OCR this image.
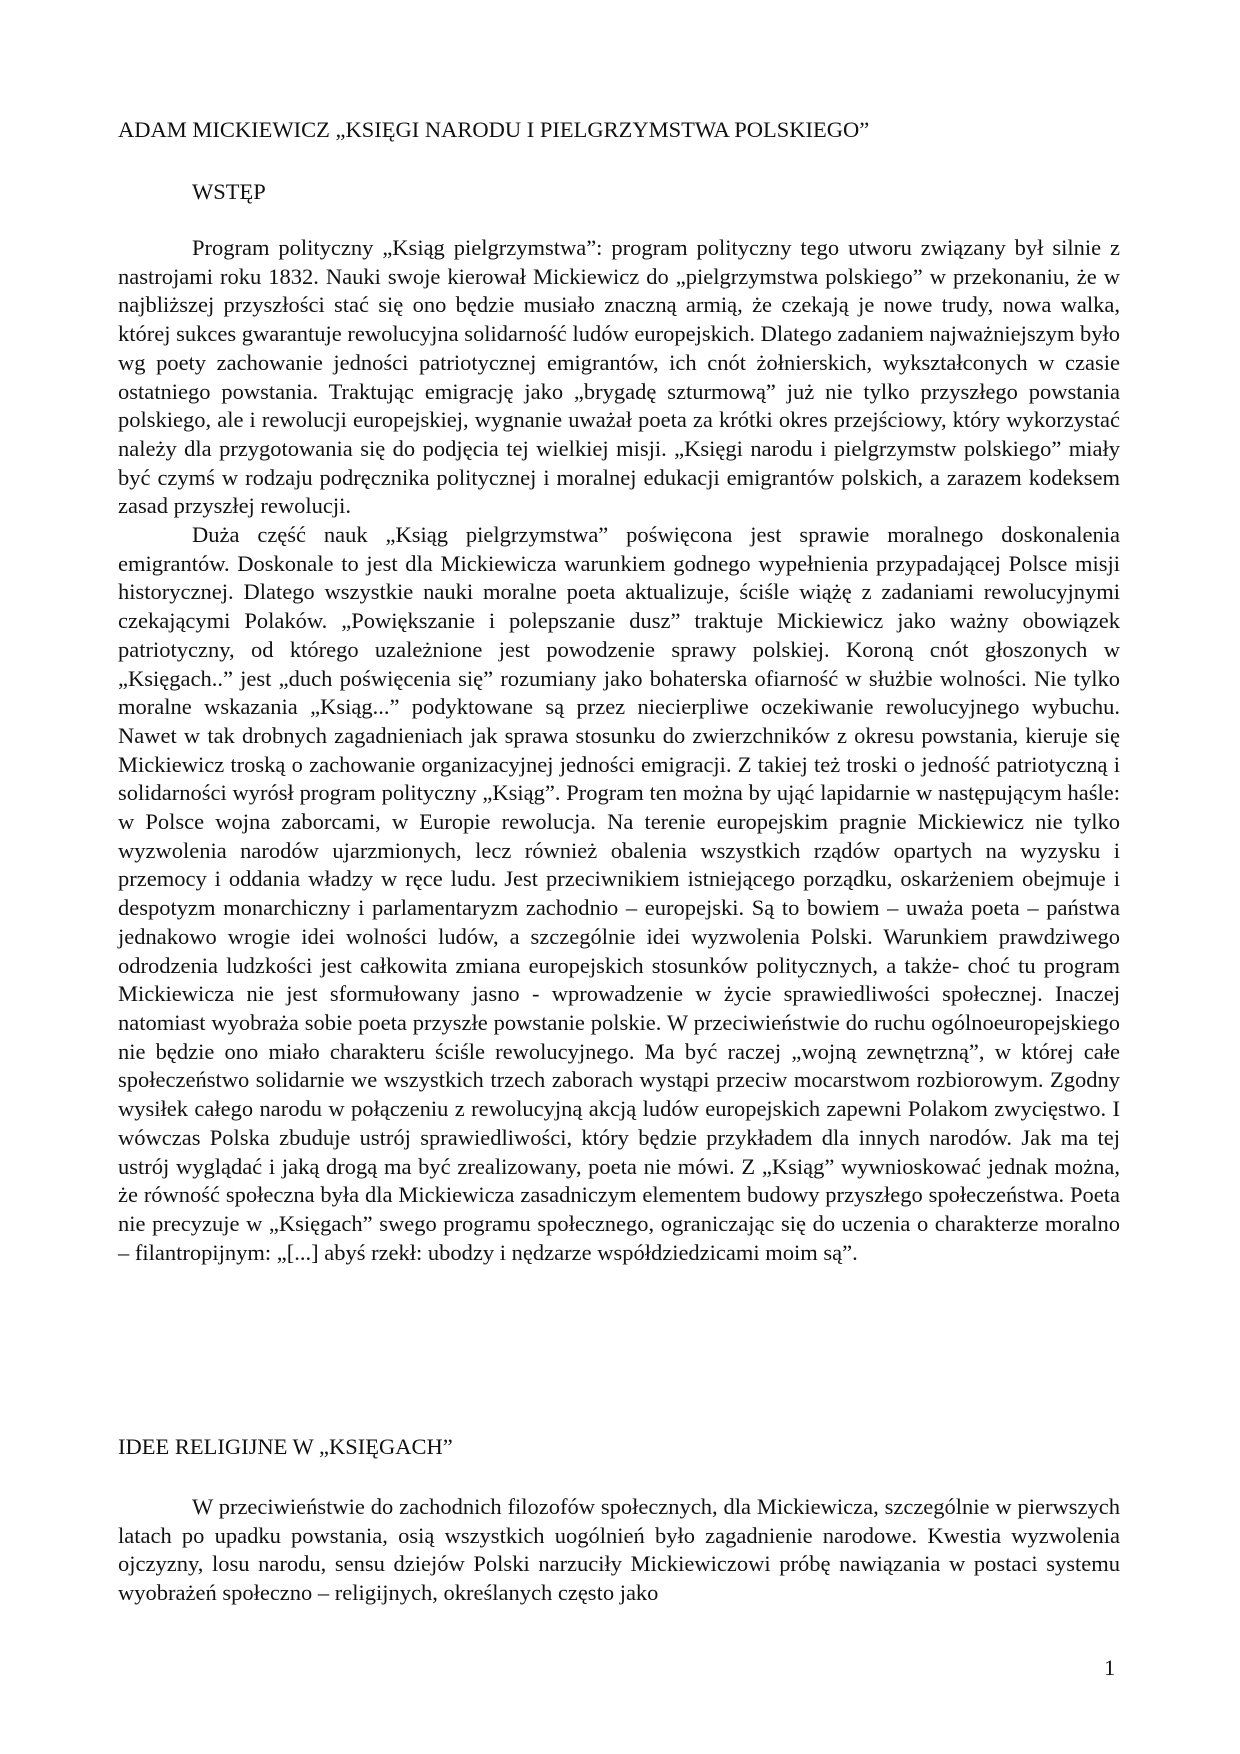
ADAM MICKIEWICZ „KSIĘGI NARODU I PIELGRZYMSTWA POLSKIEGO”
WSTĘP

Program polityczny „Ksiąg pielgrzymstwa”: program polityczny tego utworu związany był silnie z nastrojami roku 1832. Nauki swoje kierował Mickiewicz do „pielgrzymstwa polskiego” w przekonaniu, że w najbliższej przyszłości stać się ono będzie musiało znaczną armią, że czekają je nowe trudy, nowa walka, której sukces gwarantuje rewolucyjna solidarność ludów europejskich. Dlatego zadaniem najważniejszym było wg poety zachowanie jedności patriotycznej emigrantów, ich cnót żołnierskich, wykształconych w czasie ostatniego powstania. Traktując emigrację jako „brygadę szturmową” już nie tylko przyszłego powstania polskiego, ale i rewolucji europejskiej, wygnanie uważał poeta za krótki okres przejściowy, który wykorzystać należy dla przygotowania się do podjęcia tej wielkiej misji. „Księgi narodu i pielgrzymstw polskiego” miały być czymś w rodzaju podręcznika politycznej i moralnej edukacji emigrantów polskich, a zarazem kodeksem zasad przyszłej rewolucji.

Duża część nauk „Ksiąg pielgrzymstwa” poświęcona jest sprawie moralnego doskonalenia emigrantów. Doskonale to jest dla Mickiewicza warunkiem godnego wypełnienia przypadającej Polsce misji historycznej. Dlatego wszystkie nauki moralne poeta aktualizuje, ściśle wiążę z zadaniami rewolucyjnymi czekającymi Polaków. „Powiększanie i polepszanie dusz” traktuje Mickiewicz jako ważny obowiązek patriotyczny, od którego uzależnione jest powodzenie sprawy polskiej. Koroną cnót głoszonych w „Księgach..” jest „duch poświęcenia się” rozumiany jako bohaterska ofiarność w służbie wolności. Nie tylko moralne wskazania „Ksiąg...” podyktowane są przez niecierpliwe oczekiwanie rewolucyjnego wybuchu. Nawet w tak drobnych zagadnieniach jak sprawa stosunku do zwierzchników z okresu powstania, kieruje się Mickiewicz troską o zachowanie organizacyjnej jedności emigracji. Z takiej też troski o jedność patriotyczną i solidarności wyrósł program polityczny „Ksiąg”. Program ten można by ująć lapidarnie w następującym haśle: w Polsce wojna zaborcami, w Europie rewolucja. Na terenie europejskim pragnie Mickiewicz nie tylko wyzwolenia narodów ujarzmionych, lecz również obalenia wszystkich rządów opartych na wyzysku i przemocy i oddania władzy w ręce ludu. Jest przeciwnikiem istniejącego porządku, oskarżeniem obejmuje i despotyzm monarchiczny i parlamentaryzm zachodnio – europejski. Są to bowiem – uważa poeta – państwa jednakowo wrogie idei wolności ludów, a szczególnie idei wyzwolenia Polski. Warunkiem prawdziwego odrodzenia ludzkości jest całkowita zmiana europejskich stosunków politycznych, a także- choć tu program Mickiewicza nie jest sformułowany jasno - wprowadzenie w życie sprawiedliwości społecznej. Inaczej natomiast wyobraża sobie poeta przyszłe powstanie polskie. W przeciwieństwie do ruchu ogólnoeuropejskiego nie będzie ono miało charakteru ściśle rewolucyjnego. Ma być raczej „wojną zewnętrzną”, w której całe społeczeństwo solidarnie we wszystkich trzech zaborach wystąpi przeciw mocarstwom rozbiorowym. Zgodny wysiłek całego narodu w połączeniu z rewolucyjną akcją ludów europejskich zapewni Polakom zwycięstwo. I wówczas Polska zbuduje ustrój sprawiedliwości, który będzie przykładem dla innych narodów. Jak ma tej ustrój wyglądać i jaką drogą ma być zrealizowany, poeta nie mówi. Z „Ksiąg” wywnioskować jednak można, że równość społeczna była dla Mickiewicza zasadniczym elementem budowy przyszłego społeczeństwa. Poeta nie precyzuje w „Księgach” swego programu społecznego, ograniczając się do uczenia o charakterze moralno – filantropijnym: „[...] abyś rzekł: ubodzy i nędzarze współdziedzicami moim są”.

IDEE RELIGIJNE W „KSIĘGACH”

W przeciwieństwie do zachodnich filozofów społecznych, dla Mickiewicza, szczególnie w pierwszych latach po upadku powstania, osią wszystkich uogólnień było zagadnienie narodowe. Kwestia wyzwolenia ojczyzny, losu narodu, sensu dziejów Polski narzuciły Mickiewiczowi próbę nawiązania w postaci systemu wyobrażeń społeczno – religijnych, określanych często jako

1
